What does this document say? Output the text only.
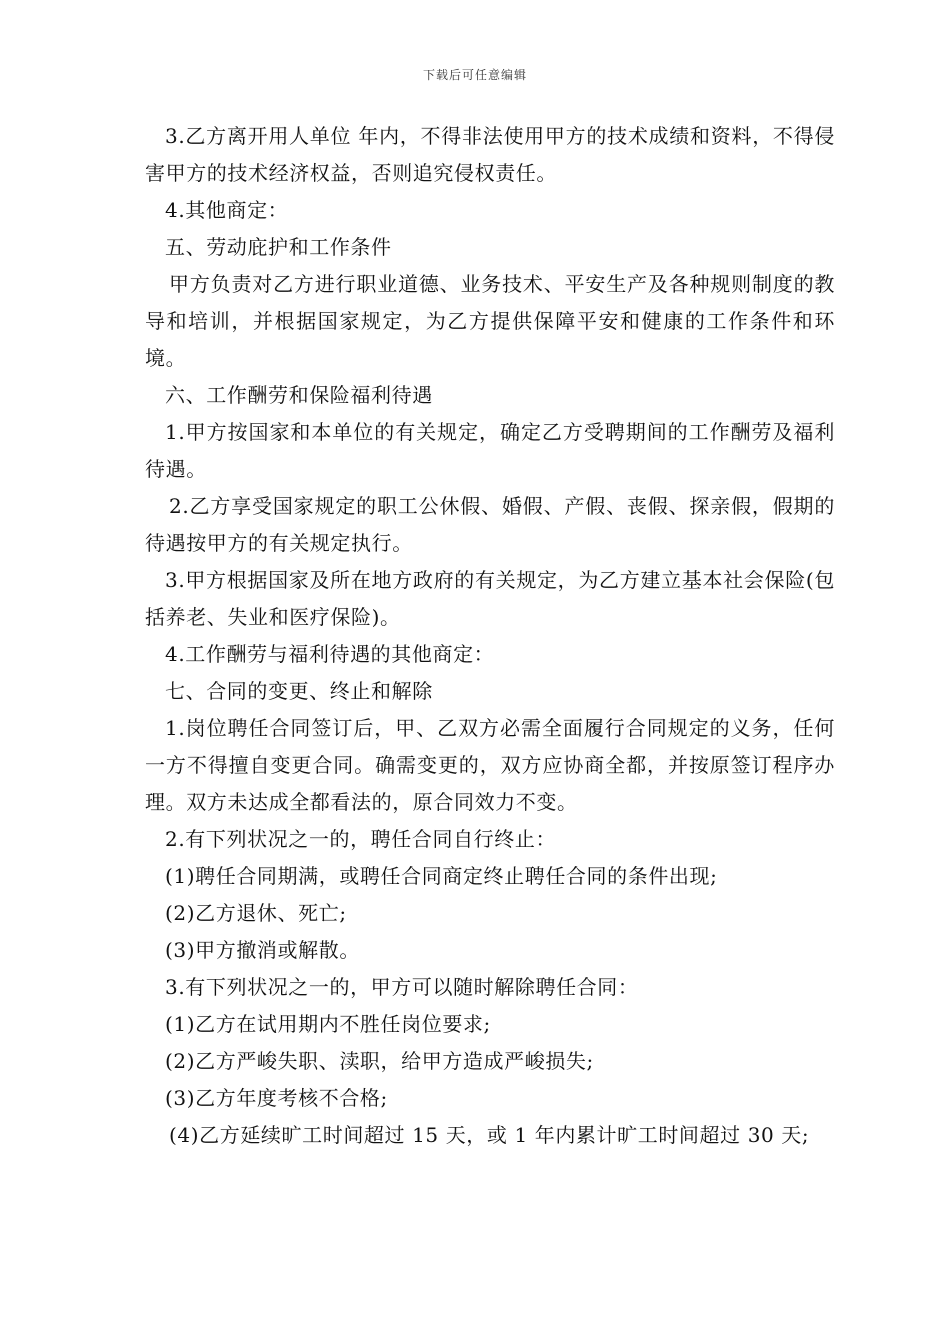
下载后可任意编辑

3.乙方离开用人单位 年内，不得非法使用甲方的技术成绩和资料，不得侵害甲方的技术经济权益，否则追究侵权责任。

4.其他商定：

五、劳动庇护和工作条件

甲方负责对乙方进行职业道德、业务技术、平安生产及各种规则制度的教导和培训，并根据国家规定，为乙方提供保障平安和健康的工作条件和环境。

六、工作酬劳和保险福利待遇

1.甲方按国家和本单位的有关规定，确定乙方受聘期间的工作酬劳及福利待遇。

2.乙方享受国家规定的职工公休假、婚假、产假、丧假、探亲假，假期的待遇按甲方的有关规定执行。

3.甲方根据国家及所在地方政府的有关规定，为乙方建立基本社会保险(包括养老、失业和医疗保险)。

4.工作酬劳与福利待遇的其他商定：

七、合同的变更、终止和解除

1.岗位聘任合同签订后，甲、乙双方必需全面履行合同规定的义务，任何一方不得擅自变更合同。确需变更的，双方应协商全都，并按原签订程序办理。双方未达成全都看法的，原合同效力不变。

2.有下列状况之一的，聘任合同自行终止：

(1)聘任合同期满，或聘任合同商定终止聘任合同的条件出现;

(2)乙方退休、死亡;

(3)甲方撤消或解散。

3.有下列状况之一的，甲方可以随时解除聘任合同：

(1)乙方在试用期内不胜任岗位要求;

(2)乙方严峻失职、渎职，给甲方造成严峻损失;

(3)乙方年度考核不合格;

(4)乙方延续旷工时间超过 15 天，或 1 年内累计旷工时间超过 30 天;
